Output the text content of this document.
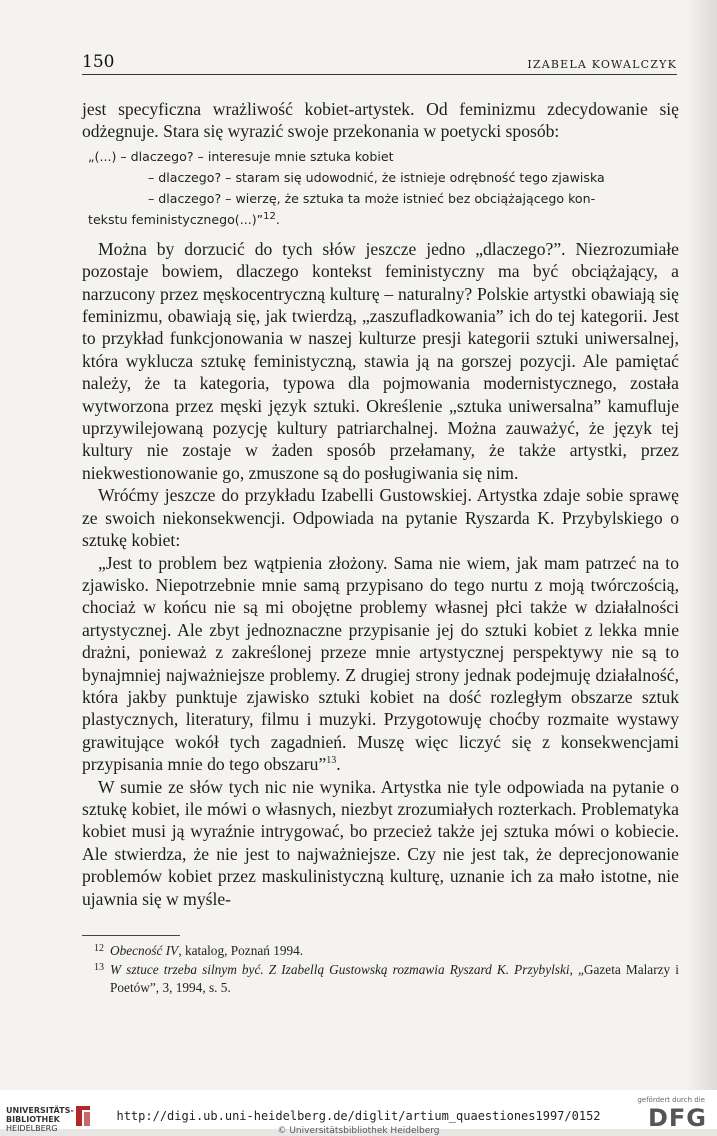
150	IZABELA KOWALCZYK

jest specyficzna wrażliwość kobiet-artystek. Od feminizmu zdecydowanie się odżegnuje. Stara się wyrazić swoje przekonania w poetycki sposób:

„(...) – dlaczego? – interesuje mnie sztuka kobiet
– dlaczego? – staram się udowodnić, że istnieje odrębność tego zjawiska
– dlaczego? – wierzę, że sztuka ta może istnieć bez obciążającego kon-
tekstu feministycznego(...)”$^{12}$.

Można by dorzucić do tych słów jeszcze jedno „dlaczego?”. Niezrozumiałe pozostaje bowiem, dlaczego kontekst feministyczny ma być obciążający, a narzucony przez męskocentryczną kulturę – naturalny? Polskie artystki obawiają się feminizmu, obawiają się, jak twierdzą, „zaszufladkowania” ich do tej kategorii. Jest to przykład funkcjonowania w naszej kulturze presji kategorii sztuki uniwersalnej, która wyklucza sztukę feministyczną, stawia ją na gorszej pozycji. Ale pamiętać należy, że ta kategoria, typowa dla pojmowania modernistycznego, została wytworzona przez męski język sztuki. Określenie „sztuka uniwersalna” kamufluje uprzywilejowaną pozycję kultury patriarchalnej. Można zauważyć, że język tej kultury nie zostaje w żaden sposób przełamany, że także artystki, przez niekwestionowanie go, zmuszone są do posługiwania się nim.

Wróćmy jeszcze do przykładu Izabelli Gustowskiej. Artystka zdaje sobie sprawę ze swoich niekonsekwencji. Odpowiada na pytanie Ryszarda K. Przybylskiego o sztukę kobiet:

„Jest to problem bez wątpienia złożony. Sama nie wiem, jak mam patrzeć na to zjawisko. Niepotrzebnie mnie samą przypisano do tego nurtu z moją twórczością, chociaż w końcu nie są mi obojętne problemy własnej płci także w działalności artystycznej. Ale zbyt jednoznaczne przypisanie jej do sztuki kobiet z lekka mnie drażni, ponieważ z zakreślonej przeze mnie artystycznej perspektywy nie są to bynajmniej najważniejsze problemy. Z drugiej strony jednak podejmuję działalność, która jakby punktuje zjawisko sztuki kobiet na dość rozległym obszarze sztuk plastycznych, literatury, filmu i muzyki. Przygotowuję choćby rozmaite wystawy grawitujące wokół tych zagadnień. Muszę więc liczyć się z konsekwencjami przypisania mnie do tego obszaru”$^{13}$.

W sumie ze słów tych nic nie wynika. Artystka nie tyle odpowiada na pytanie o sztukę kobiet, ile mówi o własnych, niezbyt zrozumiałych rozterkach. Problematyka kobiet musi ją wyraźnie intrygować, bo przecież także jej sztuka mówi o kobiecie. Ale stwierdza, że nie jest to najważniejsze. Czy nie jest tak, że deprecjonowanie problemów kobiet przez maskulinistyczną kulturę, uznanie ich za mało istotne, nie ujawnia się w myśle-

12 Obecność IV, katalog, Poznań 1994.
13 W sztuce trzeba silnym być. Z Izabellą Gustowską rozmawia Ryszard K. Przybylski, „Gazeta Malarzy i Poetów”, 3, 1994, s. 5.
UNIVERSITÄTS-
BIBLIOTHEK
HEIDELBERG
http://digi.ub.uni-heidelberg.de/diglit/artium_quaestiones1997/0152
© Universitätsbibliothek Heidelberg
gefördert durch die
DFG
